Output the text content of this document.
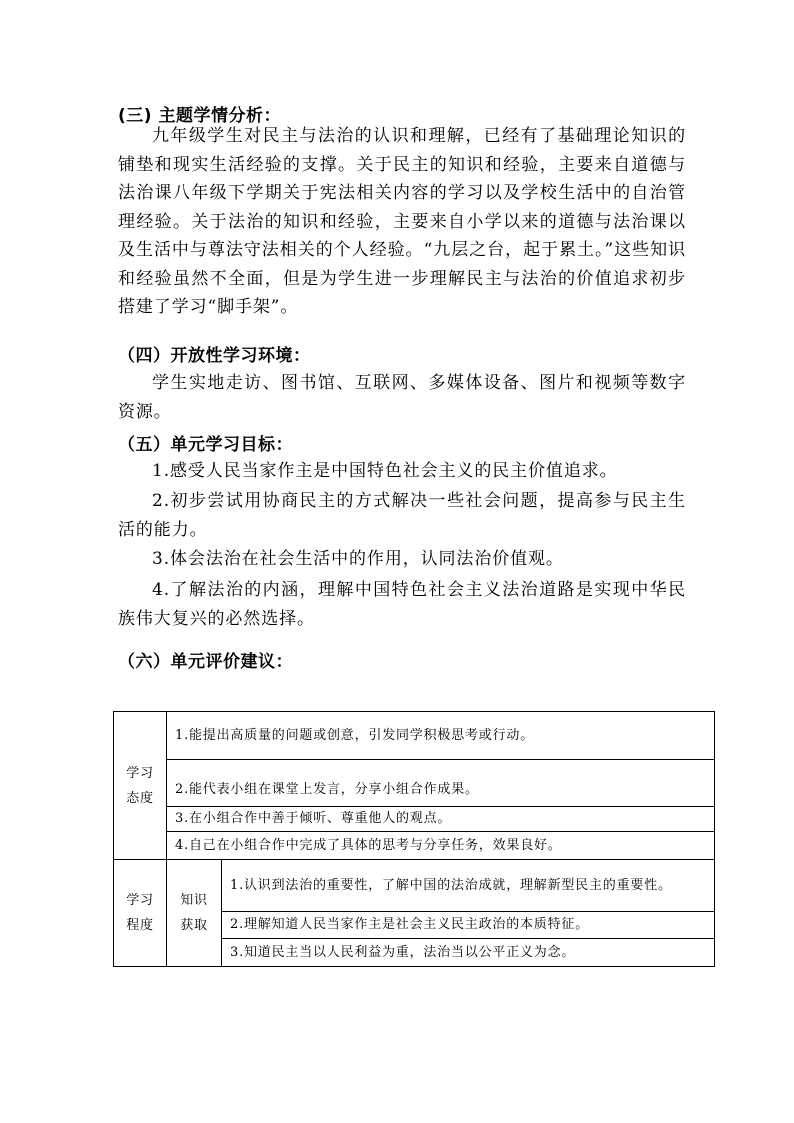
(三) 主题学情分析：

九年级学生对民主与法治的认识和理解，已经有了基础理论知识的铺垫和现实生活经验的支撑。关于民主的知识和经验，主要来自道德与法治课八年级下学期关于宪法相关内容的学习以及学校生活中的自治管理经验。关于法治的知识和经验，主要来自小学以来的道德与法治课以及生活中与尊法守法相关的个人经验。“九层之台，起于累土。”这些知识和经验虽然不全面，但是为学生进一步理解民主与法治的价值追求初步搭建了学习“脚手架”。

（四）开放性学习环境：

学生实地走访、图书馆、互联网、多媒体设备、图片和视频等数字资源。

（五）单元学习目标：

1.感受人民当家作主是中国特色社会主义的民主价值追求。

2.初步尝试用协商民主的方式解决一些社会问题，提高参与民主生活的能力。

3.体会法治在社会生活中的作用，认同法治价值观。

4.了解法治的内涵，理解中国特色社会主义法治道路是实现中华民族伟大复兴的必然选择。

（六）单元评价建议：
学习态度	1.能提出高质量的问题或创意，引发同学积极思考或行动。	
	2.能代表小组在课堂上发言，分享小组合作成果。	
	3.在小组合作中善于倾听、尊重他人的观点。	
	4.自己在小组合作中完成了具体的思考与分享任务，效果良好。	
学习程度	知识获取	1.认识到法治的重要性，了解中国的法治成就，理解新型民主的重要性。
		2.理解知道人民当家作主是社会主义民主政治的本质特征。
		3.知道民主当以人民利益为重，法治当以公平正义为念。
